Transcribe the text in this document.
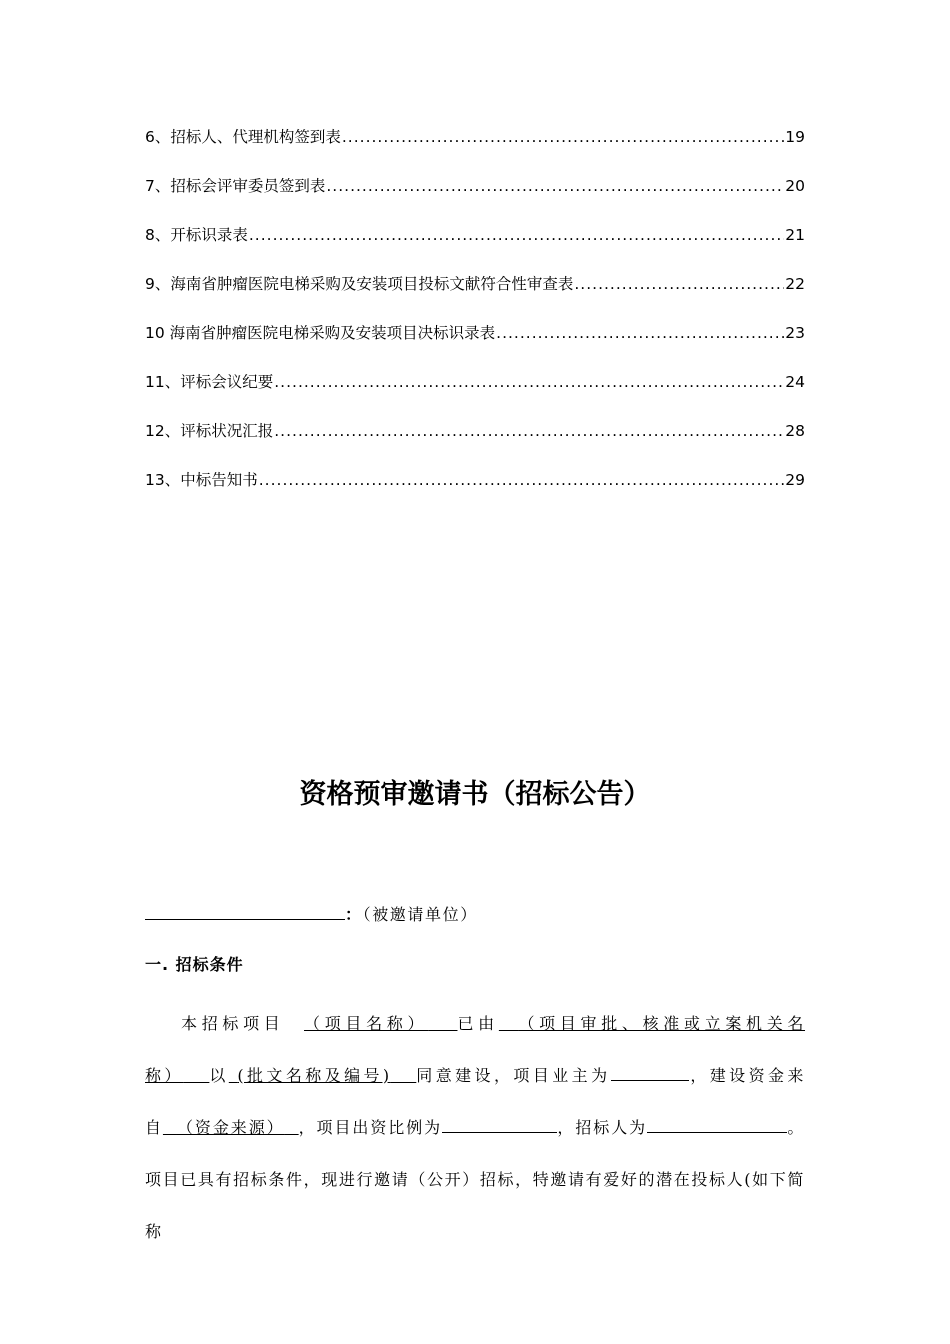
6、招标人、代理机构签到表 .....	19
7、招标会评审委员签到表 .....	20
8、开标识录表 .....	21
9、海南省肿瘤医院电梯采购及安装项目投标文献符合性审查表 .....	22
10 海南省肿瘤医院电梯采购及安装项目决标识录表 .....	23
11、评标会议纪要 .....	24
12、评标状况汇报 .....	28
13、中标告知书 .....	29
资格预审邀请书（招标公告）
：（被邀请单位）
一. 招标条件
本招标项目 （项目名称） 已由 （项目审批、核准或立案机关名称） 以 (批文名称及编号) 同意建设，项目业主为	，建设资金来自 （资金来源） ，项目出资比例为	，招标人为	。项目已具有招标条件，现进行邀请（公开）招标，特邀请有爱好的潜在投标人(如下简称
